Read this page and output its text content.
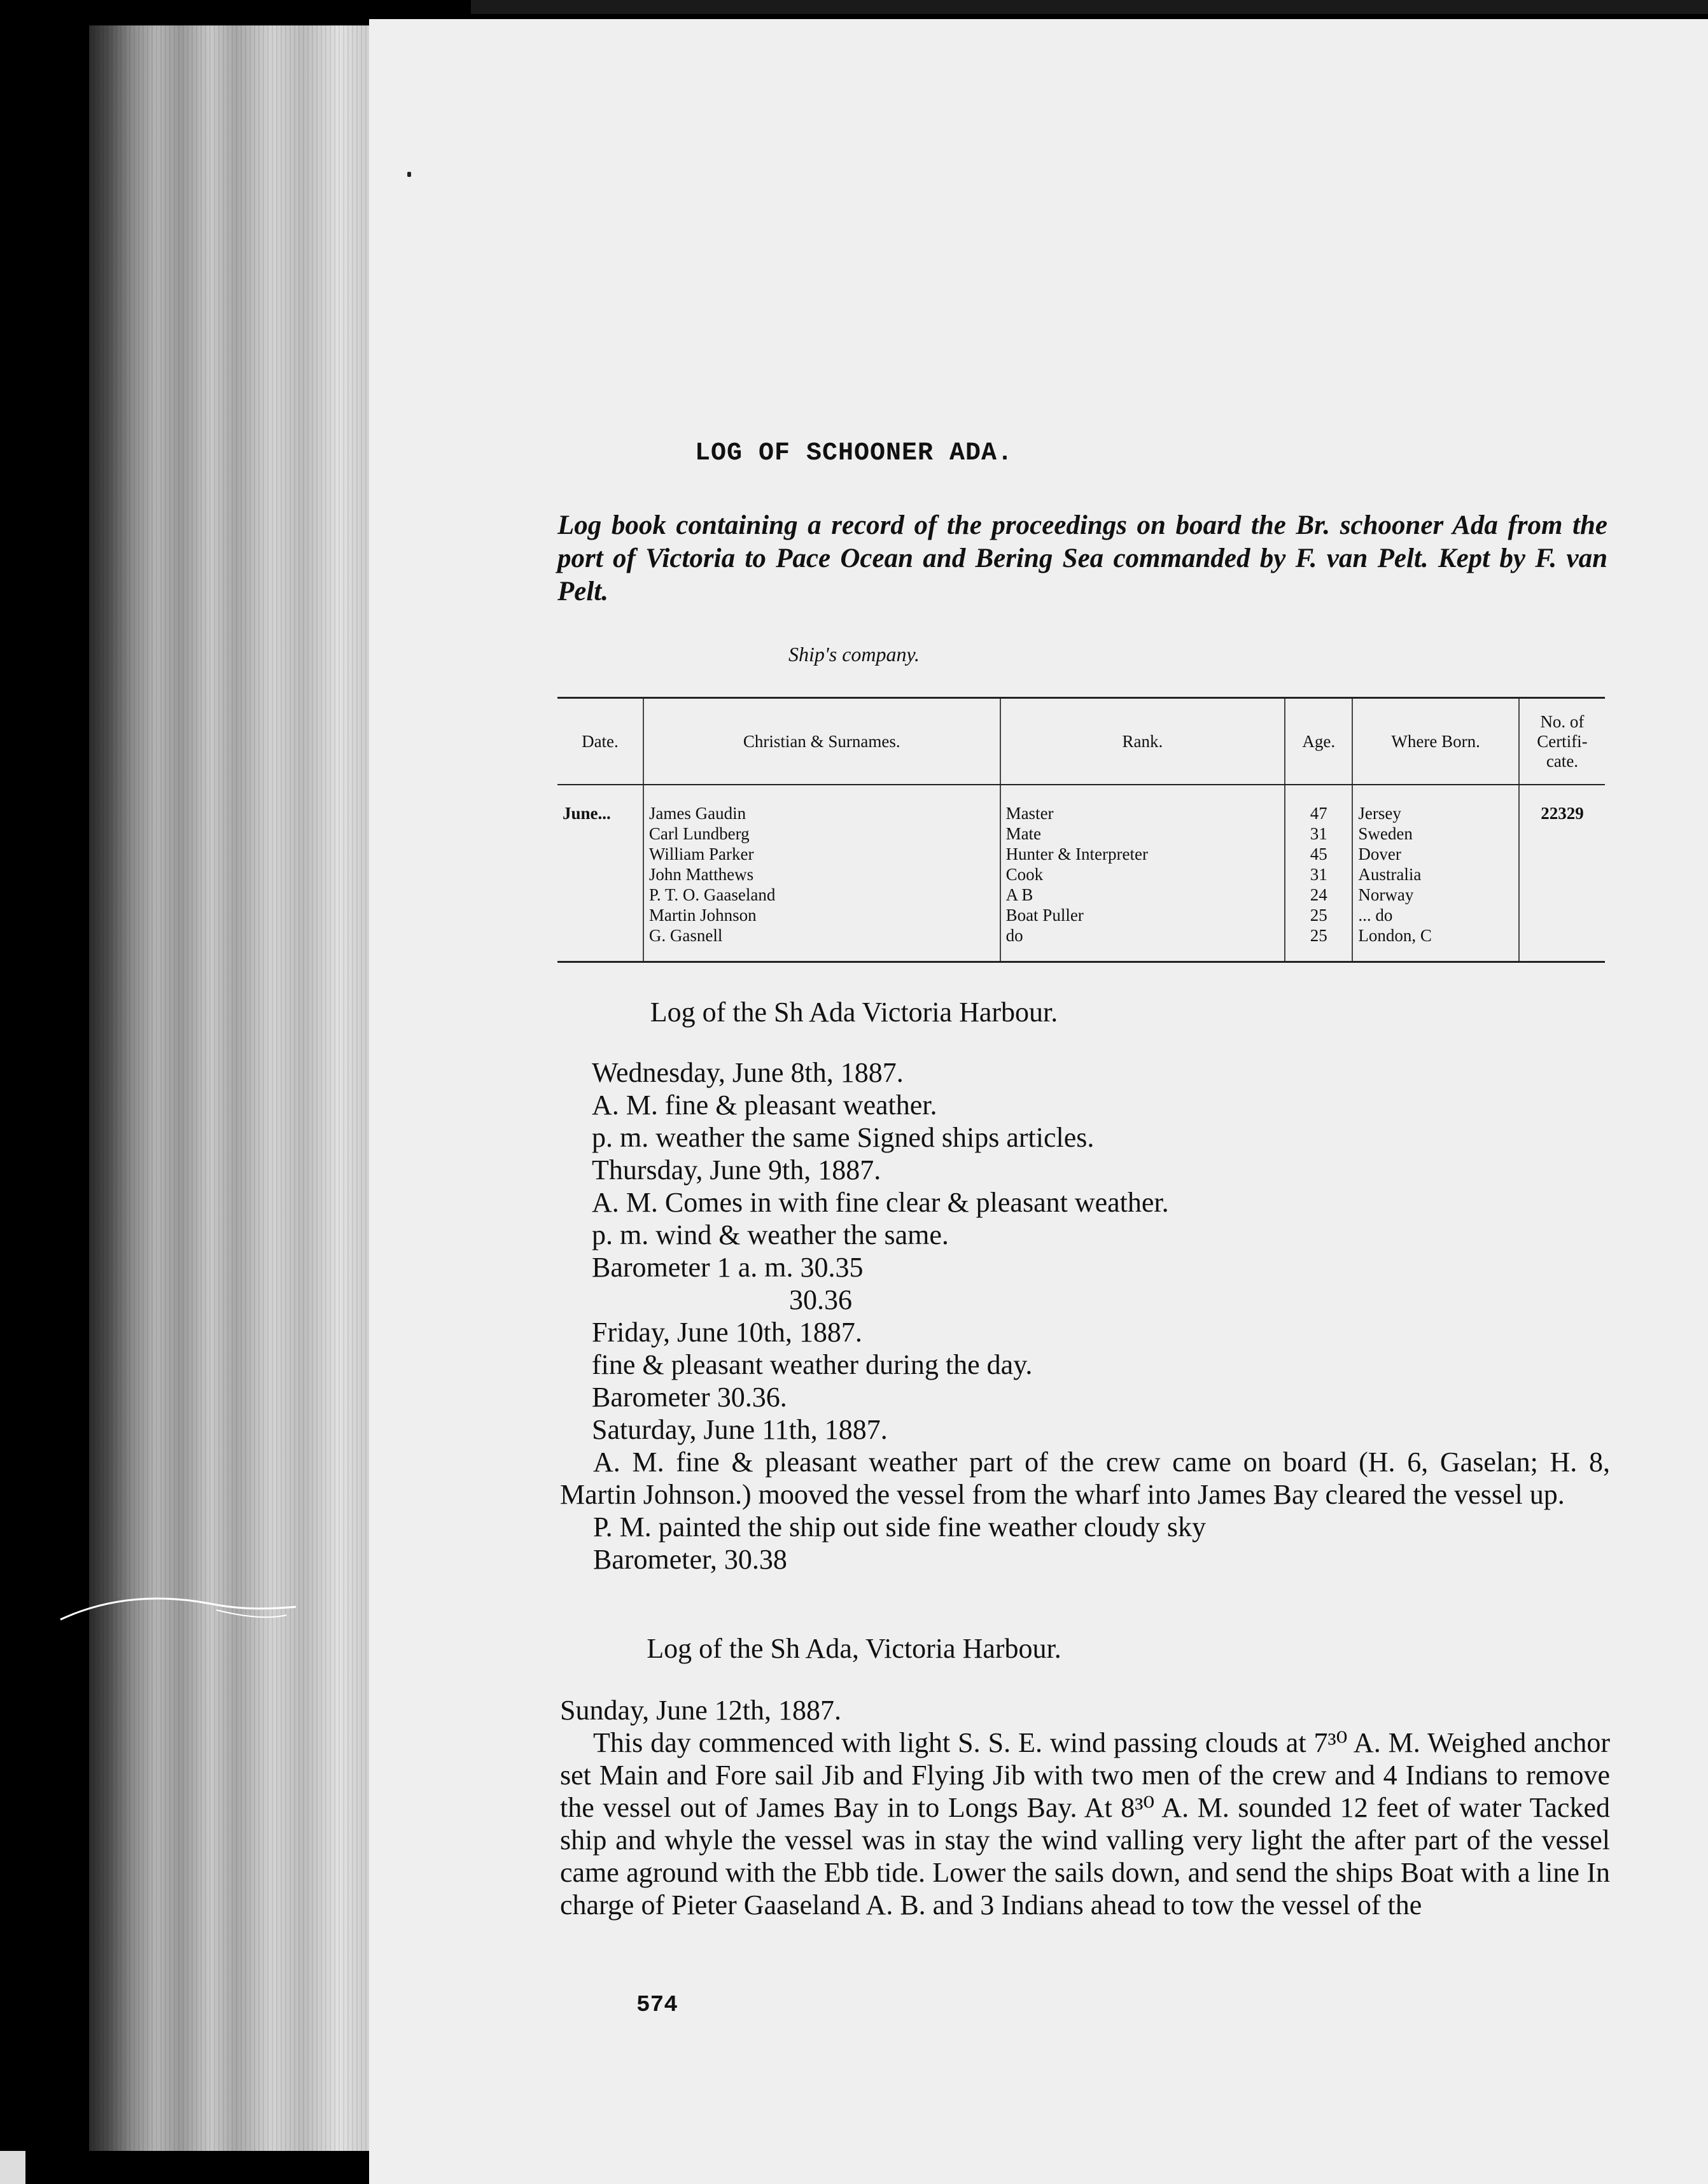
LOG OF SCHOONER ADA.
Log book containing a record of the proceedings on board the Br. schooner Ada from the port of Victoria to Pace Ocean and Bering Sea commanded by F. van Pelt. Kept by F. van Pelt.
Ship's company.
Date.	Christian & Surnames.	Rank.	Age.	Where Born.	No. of Certifi- cate.
June...	James Gaudin	Master	47	Jersey	22329
	Carl Lundberg	Mate	31	Sweden	
	William Parker	Hunter & Interpreter	45	Dover	
	John Matthews	Cook	31	Australia	
	P. T. O. Gaaseland	A B	24	Norway	
	Martin Johnson	Boat Puller	25	... do	
	G. Gasnell	do	25	London, C	
Log of the Sh Ada Victoria Harbour.
Wednesday, June 8th, 1887.
A. M. fine & pleasant weather.
p. m. weather the same Signed ships articles.
Thursday, June 9th, 1887.
A. M. Comes in with fine clear & pleasant weather.
p. m. wind & weather the same.
Barometer 1 a. m. 30.35
30.36
Friday, June 10th, 1887.
fine & pleasant weather during the day.
Barometer 30.36.
Saturday, June 11th, 1887.
A. M. fine & pleasant weather part of the crew came on board (H. 6, Gaselan; H. 8, Martin Johnson.) mooved the vessel from the wharf into James Bay cleared the vessel up.
P. M. painted the ship out side fine weather cloudy sky
Barometer, 30.38
Log of the Sh Ada, Victoria Harbour.
Sunday, June 12th, 1887.
This day commenced with light S. S. E. wind passing clouds at 7³⁰ A. M. Weighed anchor set Main and Fore sail Jib and Flying Jib with two men of the crew and 4 Indians to remove the vessel out of James Bay in to Longs Bay. At 8³⁰ A. M. sounded 12 feet of water Tacked ship and whyle the vessel was in stay the wind valling very light the after part of the vessel came aground with the Ebb tide. Lower the sails down, and send the ships Boat with a line In charge of Pieter Gaaseland A. B. and 3 Indians ahead to tow the vessel of the
574
